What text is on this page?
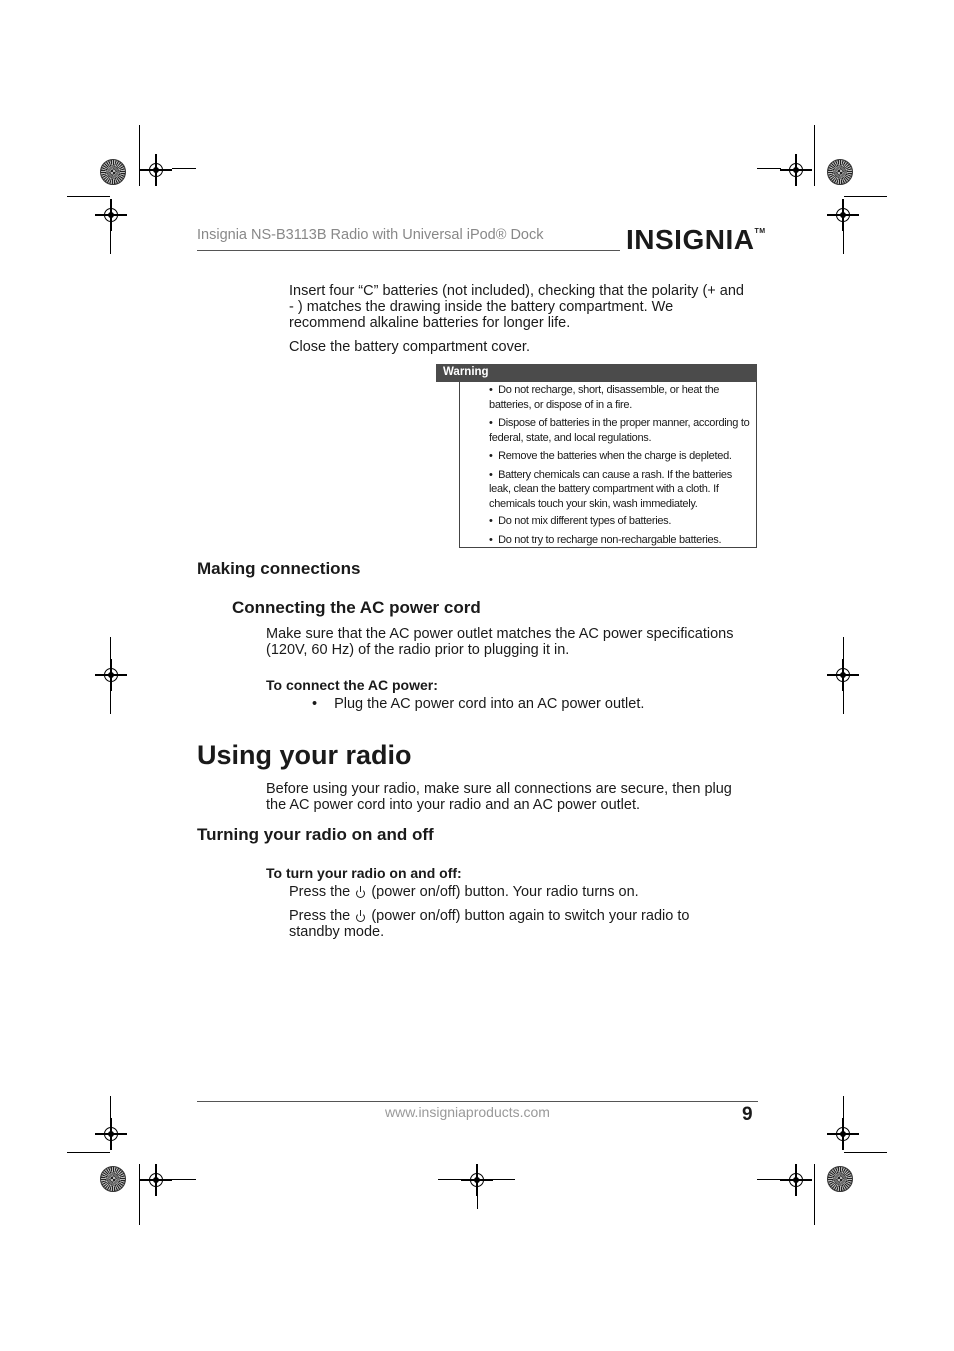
Insignia NS-B3113B Radio with Universal iPod® Dock	INSIGNIA™
Insert four “C” batteries (not included), checking that the polarity (+ and - ) matches the drawing inside the battery compartment. We recommend alkaline batteries for longer life.
Close the battery compartment cover.
Warning
•  Do not recharge, short, disassemble, or heat the batteries, or dispose of in a fire.
•  Dispose of batteries in the proper manner, according to federal, state, and local regulations.
•  Remove the batteries when the charge is depleted.
•  Battery chemicals can cause a rash. If the batteries leak, clean the battery compartment with a cloth. If chemicals touch your skin, wash immediately.
•  Do not mix different types of batteries.
•  Do not try to recharge non-rechargable batteries.
Making connections
Connecting the AC power cord
Make sure that the AC power outlet matches the AC power specifications (120V, 60 Hz) of the radio prior to plugging it in.
To connect the AC power:
• Plug the AC power cord into an AC power outlet.
Using your radio
Before using your radio, make sure all connections are secure, then plug the AC power cord into your radio and an AC power outlet.
Turning your radio on and off
To turn your radio on and off:
Press the (power on/off) button. Your radio turns on.
Press the (power on/off) button again to switch your radio to standby mode.
www.insigniaproducts.com	9
